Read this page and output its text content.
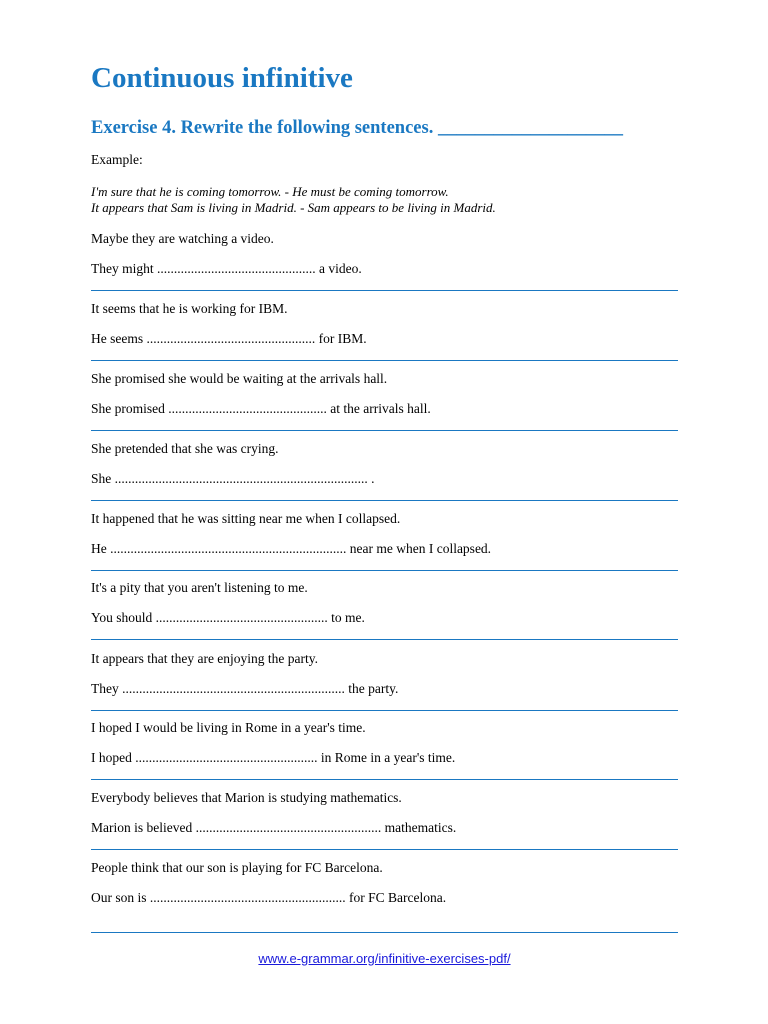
Continuous infinitive
Exercise 4. Rewrite the following sentences. ____________________
Example:
I'm sure that he is coming tomorrow. - He must be coming tomorrow.
It appears that Sam is living in Madrid. - Sam appears to be living in Madrid.
Maybe they are watching a video.
They might ............................................... a video.
It seems that he is working for IBM.
He seems .................................................. for IBM.
She promised she would be waiting at the arrivals hall.
She promised ............................................... at the arrivals hall.
She pretended that she was crying.
She ........................................................................... .
It happened that he was sitting near me when I collapsed.
He ...................................................................... near me when I collapsed.
It's a pity that you aren't listening to me.
You should ................................................... to me.
It appears that they are enjoying the party.
They .................................................................. the party.
I hoped I would be living in Rome in a year's time.
I hoped ...................................................... in Rome in a year's time.
Everybody believes that Marion is studying mathematics.
Marion is believed ....................................................... mathematics.
People think that our son is playing for FC Barcelona.
Our son is .......................................................... for FC Barcelona.
www.e-grammar.org/infinitive-exercises-pdf/
